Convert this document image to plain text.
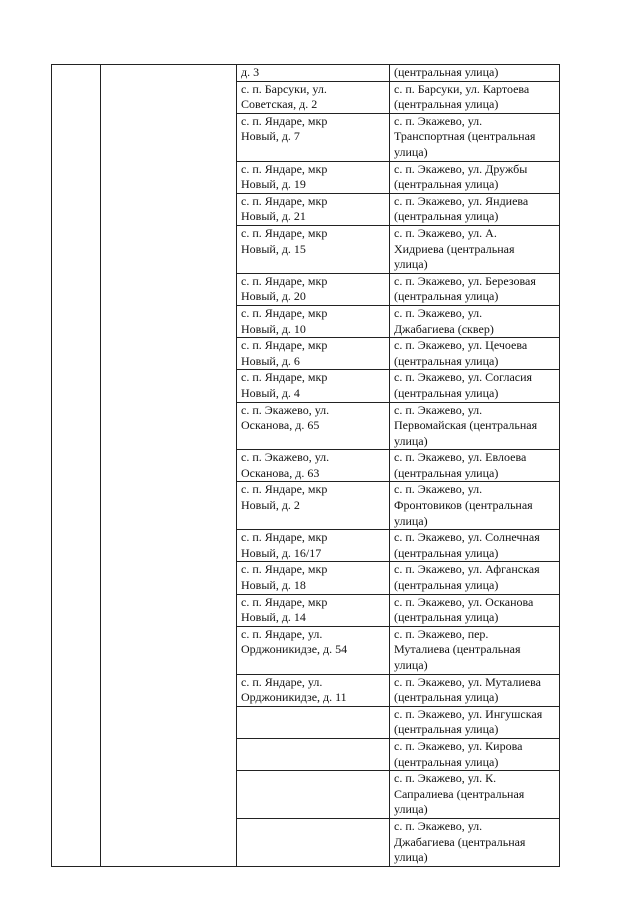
		д. 3	(центральная улица)
		с. п. Барсуки, ул.
Советская, д. 2	с. п. Барсуки, ул. Картоева
(центральная улица)
		с. п. Яндаре, мкр
Новый, д. 7	с. п. Экажево, ул.
Транспортная (центральная
улица)
		с. п. Яндаре, мкр
Новый, д. 19	с. п. Экажево, ул. Дружбы
(центральная улица)
		с. п. Яндаре, мкр
Новый, д. 21	с. п. Экажево, ул. Яндиева
(центральная улица)
		с. п. Яндаре, мкр
Новый, д. 15	с. п. Экажево, ул. А.
Хидриева (центральная
улица)
		с. п. Яндаре, мкр
Новый, д. 20	с. п. Экажево, ул. Березовая
(центральная улица)
		с. п. Яндаре, мкр
Новый, д. 10	с. п. Экажево, ул.
Джабагиева (сквер)
		с. п. Яндаре, мкр
Новый, д. 6	с. п. Экажево, ул. Цечоева
(центральная улица)
		с. п. Яндаре, мкр
Новый, д. 4	с. п. Экажево, ул. Согласия
(центральная улица)
		с. п. Экажево, ул.
Осканова, д. 65	с. п. Экажево, ул.
Первомайская (центральная
улица)
		с. п. Экажево, ул.
Осканова, д. 63	с. п. Экажево, ул. Евлоева
(центральная улица)
		с. п. Яндаре, мкр
Новый, д. 2	с. п. Экажево, ул.
Фронтовиков (центральная
улица)
		с. п. Яндаре, мкр
Новый, д. 16/17	с. п. Экажево, ул. Солнечная
(центральная улица)
		с. п. Яндаре, мкр
Новый, д. 18	с. п. Экажево, ул. Афганская
(центральная улица)
		с. п. Яндаре, мкр
Новый, д. 14	с. п. Экажево, ул. Осканова
(центральная улица)
		с. п. Яндаре, ул.
Орджоникидзе, д. 54	с. п. Экажево, пер.
Муталиева (центральная
улица)
		с. п. Яндаре, ул.
Орджоникидзе, д. 11	с. п. Экажево, ул. Муталиева
(центральная улица)
			с. п. Экажево, ул. Ингушская
(центральная улица)
			с. п. Экажево, ул. Кирова
(центральная улица)
			с. п. Экажево, ул. К.
Сапралиева (центральная
улица)
			с. п. Экажево, ул.
Джабагиева (центральная
улица)
